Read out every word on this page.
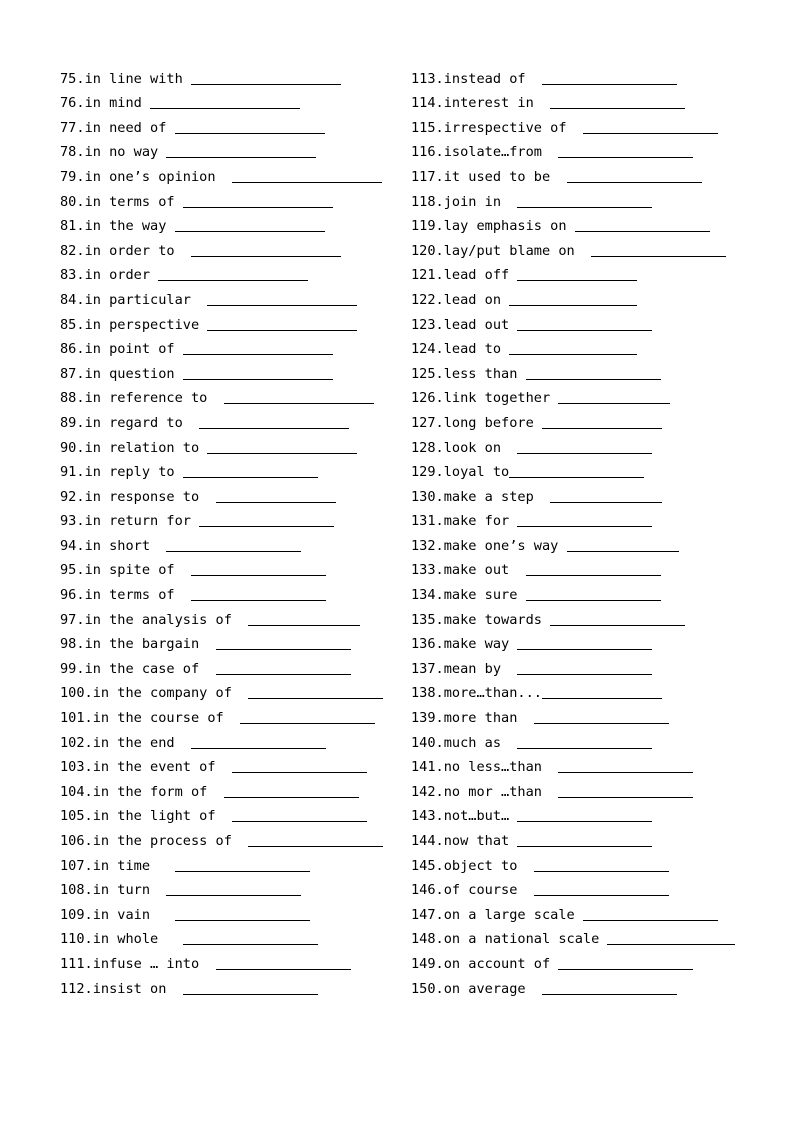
75. in line with
76. in mind
77. in need of
78. in no way
79. in one’s opinion
80. in terms of
81. in the way
82. in order to
83. in order
84. in particular
85. in perspective
86. in point of
87. in question
88. in reference to
89. in regard to
90. in relation to
91. in reply to
92. in response to
93. in return for
94. in short
95. in spite of
96. in terms of
97. in the analysis of
98. in the bargain
99. in the case of
100. in the company of
101. in the course of
102. in the end
103. in the event of
104. in the form of
105. in the light of
106. in the process of
107. in time
108. in turn
109. in vain
110. in whole
111. infuse … into
112. insist on
113. instead of
114. interest in
115. irrespective of
116. isolate…from
117. it used to be
118. join in
119. lay emphasis on
120. lay/put blame on
121. lead off
122. lead on
123. lead out
124. lead to
125. less than
126. link together
127. long before
128. look on
129. loyal to
130. make a step
131. make for
132. make one’s way
133. make out
134. make sure
135. make towards
136. make way
137. mean by
138. more…than...
139. more than
140. much as
141. no less…than
142. no mor …than
143. not…but…
144. now that
145. object to
146. of course
147. on a large scale
148. on a national scale
149. on account of
150. on average
